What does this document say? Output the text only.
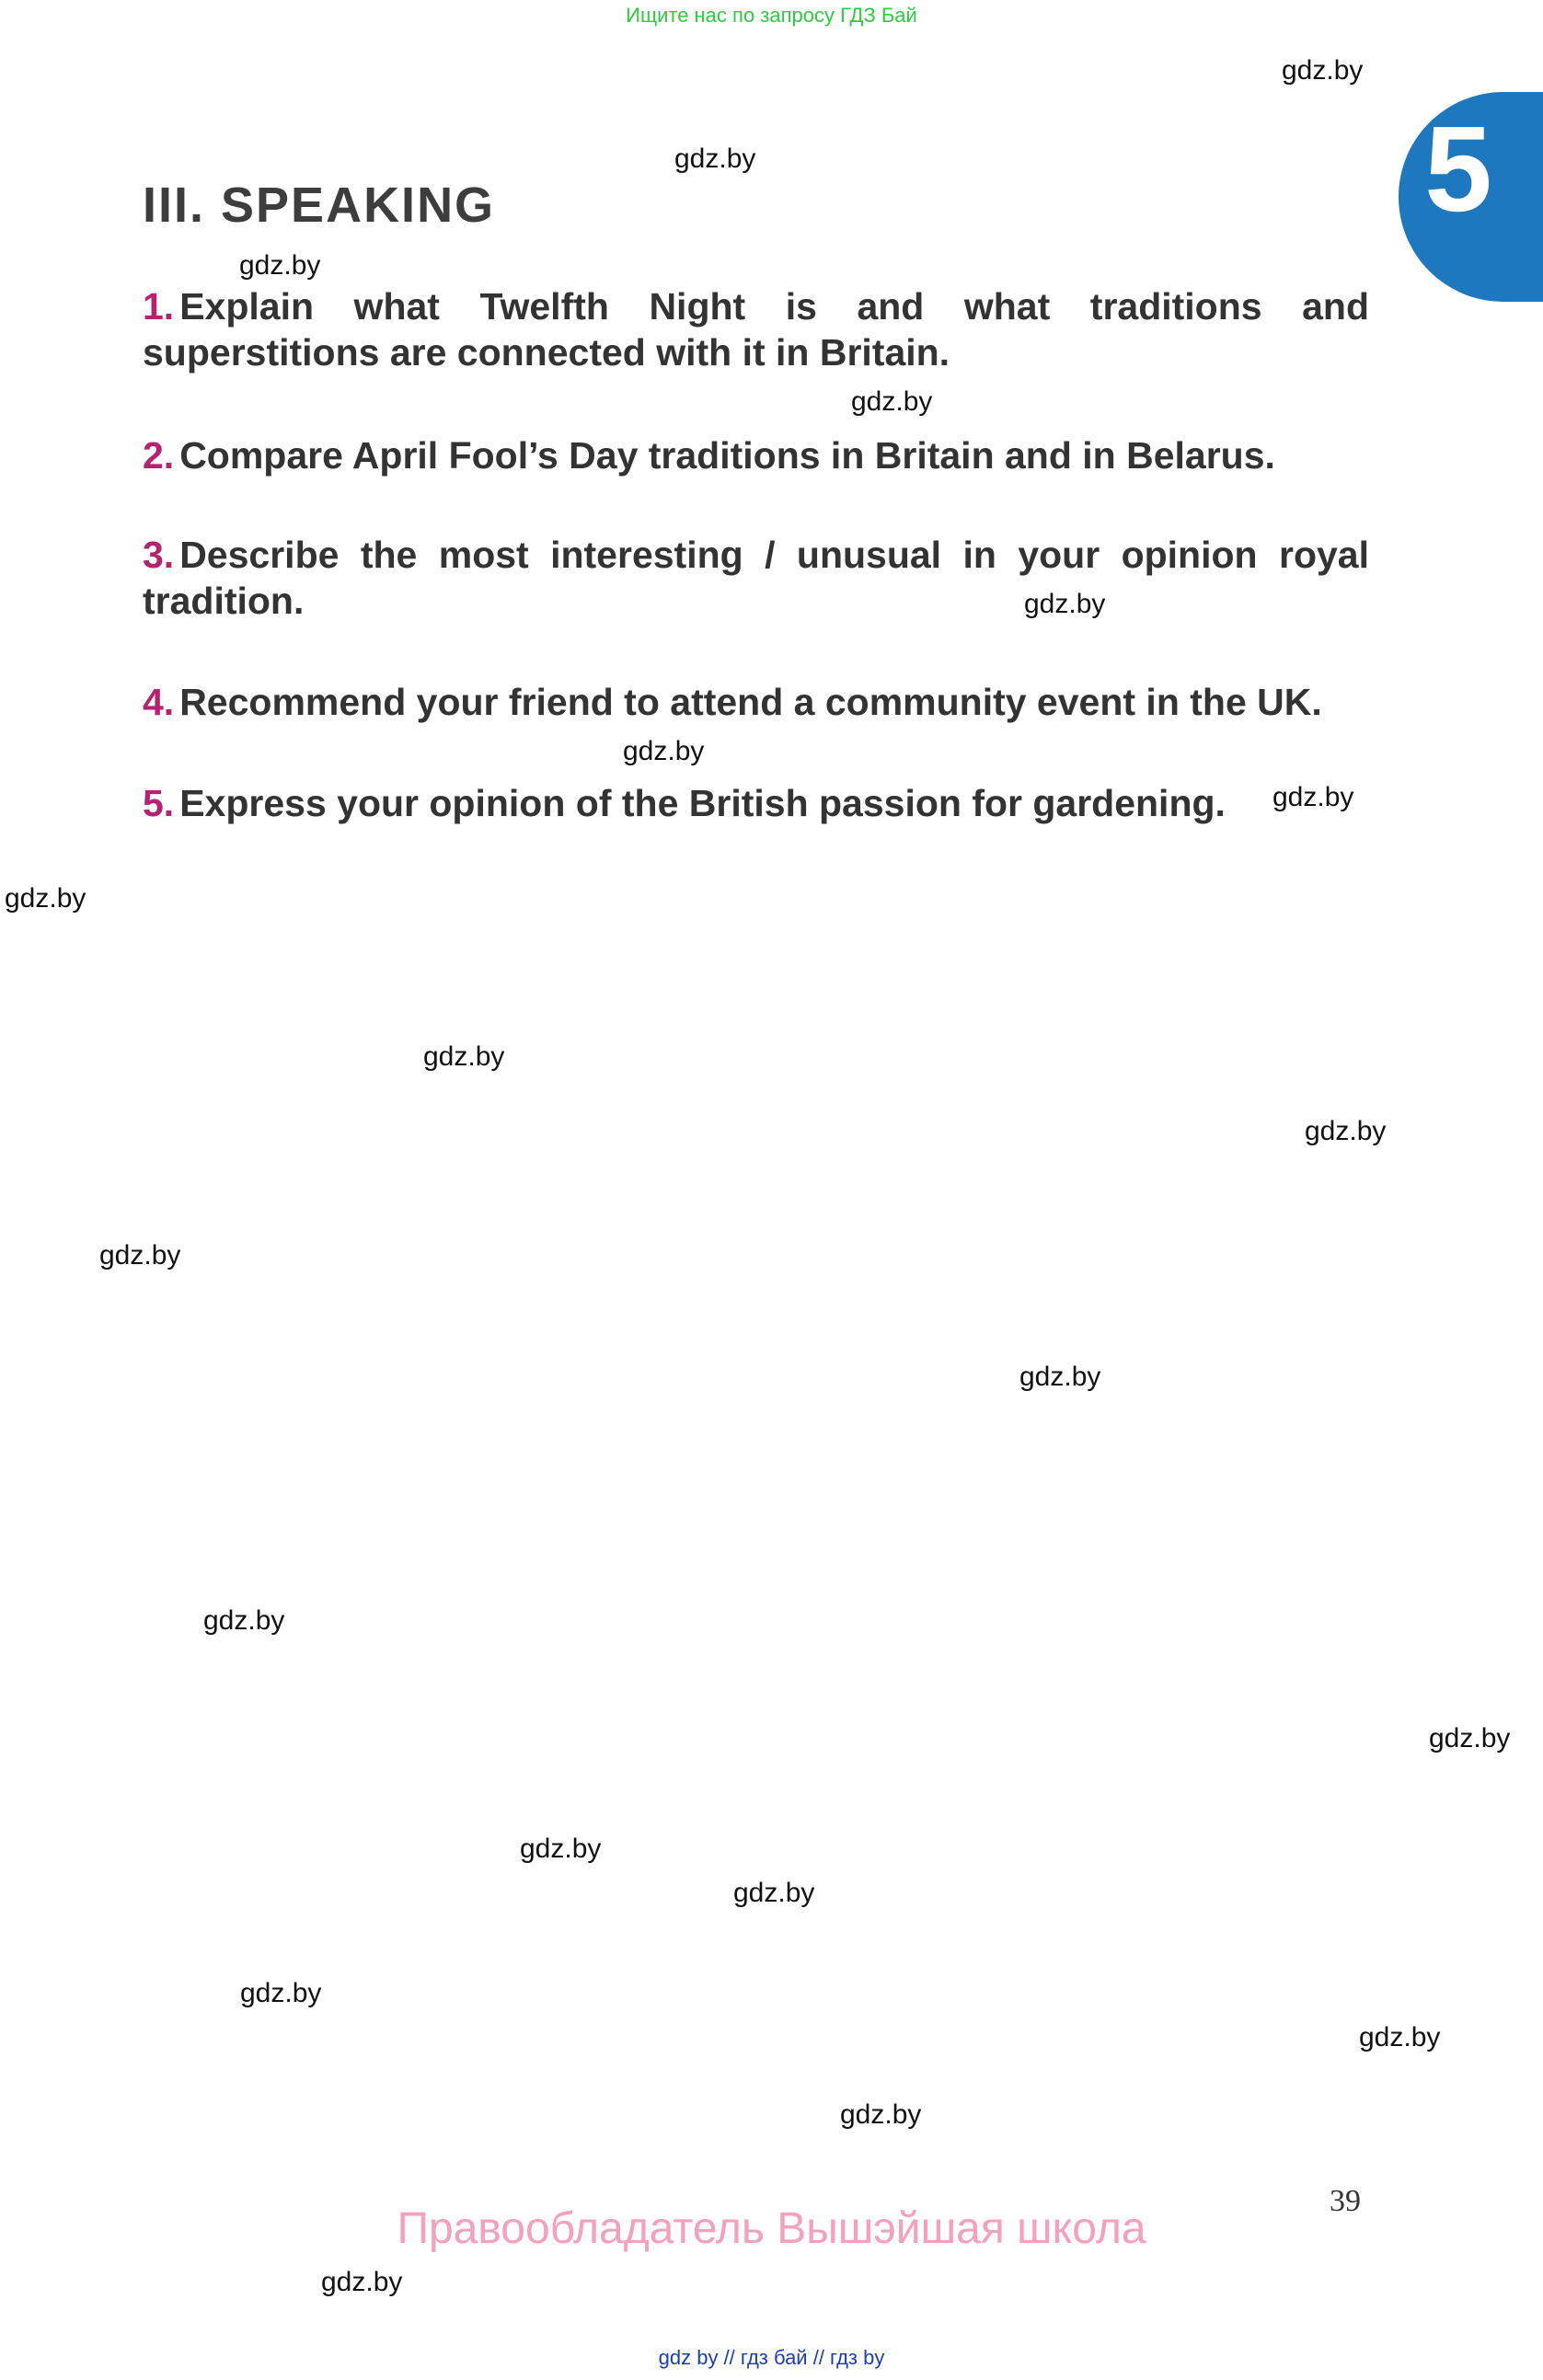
Ищите нас по запросу ГДЗ Бай
5
III. SPEAKING

1. Explain what Twelfth Night is and what traditions and superstitions are connected with it in Britain.

2. Compare April Fool’s Day traditions in Britain and in Belarus.

3. Describe the most interesting / unusual in your opinion royal tradition.

4. Recommend your friend to attend a community event in the UK.

5. Express your opinion of the British passion for gardening.

gdz.by
gdz.by
gdz.by
gdz.by
gdz.by
gdz.by
gdz.by
gdz.by
gdz.by
gdz.by
gdz.by
gdz.by
gdz.by
gdz.by
gdz.by
gdz.by
gdz.by
gdz.by
gdz.by
gdz.by
39
Правообладатель Вышэйшая школа
gdz by // гдз бай // гдз by
